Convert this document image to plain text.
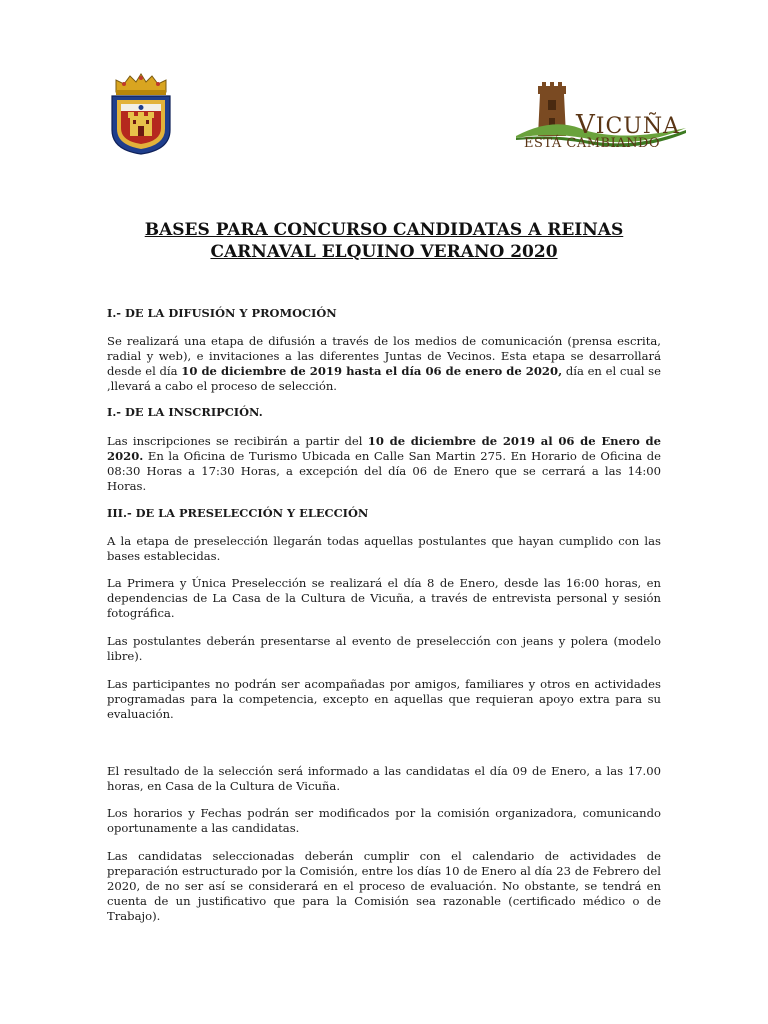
VICUÑA
ESTÁ CAMBIANDO
BASES PARA CONCURSO CANDIDATAS A REINAS
CARNAVAL ELQUINO VERANO 2020
I.- DE LA DIFUSIÓN Y PROMOCIÓN

Se realizará una etapa de difusión a través de los medios de comunicación (prensa escrita, radial y web), e invitaciones a las diferentes Juntas de Vecinos. Esta etapa se desarrollará desde el día 10 de diciembre de 2019 hasta el día 06 de enero de 2020, día en el cual se ,llevará a cabo el proceso de selección.

I.- DE LA INSCRIPCIÓN.

Las inscripciones se recibirán a partir del 10 de diciembre de 2019 al 06 de Enero de 2020. En la Oficina de Turismo Ubicada en Calle San Martin 275. En Horario de Oficina de 08:30 Horas a 17:30 Horas, a excepción del día 06 de Enero que se cerrará a las 14:00 Horas.

III.- DE LA PRESELECCIÓN Y ELECCIÓN

A la etapa de preselección llegarán todas aquellas postulantes que hayan cumplido con las bases establecidas.

La Primera y Única Preselección se realizará el día 8 de Enero, desde las 16:00 horas, en dependencias de La Casa de la Cultura de Vicuña, a través de entrevista personal y sesión fotográfica.

Las postulantes deberán presentarse al evento de preselección con jeans y polera (modelo libre).

Las participantes no podrán ser acompañadas por amigos, familiares y otros en actividades programadas para la competencia, excepto en aquellas que requieran apoyo extra para su evaluación.

El resultado de la selección será informado a las candidatas el día 09 de Enero, a las 17.00 horas, en Casa de la Cultura de Vicuña.

Los horarios y Fechas podrán ser modificados por la comisión organizadora, comunicando oportunamente a las candidatas.

Las candidatas seleccionadas deberán cumplir con el calendario de actividades de preparación estructurado por la Comisión, entre los días 10 de Enero al día 23 de Febrero del 2020, de no ser así se considerará en el proceso de evaluación. No obstante, se tendrá en cuenta de un justificativo que para la Comisión sea razonable (certificado médico o de Trabajo).
